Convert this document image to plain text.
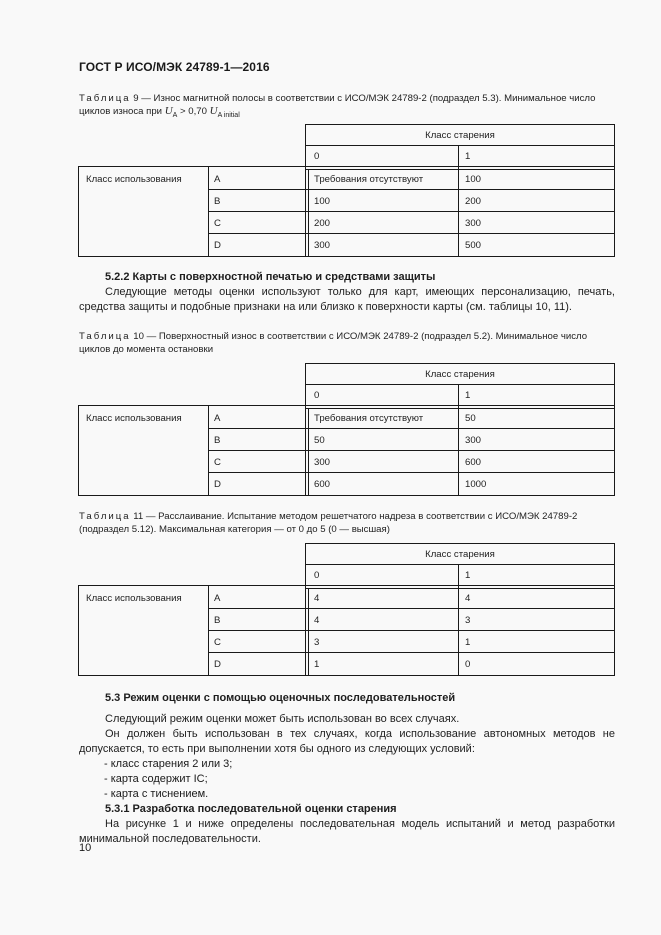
ГОСТ Р ИСО/МЭК 24789-1—2016
Таблица 9 — Износ магнитной полосы в соответствии с ИСО/МЭК 24789-2 (подраздел 5.3). Минимальное число
циклов износа при $U_A > 0,70$ $U_{A initial}$
Класс старения
0	1
Класс использования	A	Требования отсутствуют	100
B	100	200
C	200	300
D	300	500
5.2.2 Карты с поверхностной печатью и средствами защиты
Следующие методы оценки используют только для карт, имеющих персонализацию, печать, средства защиты и подобные признаки на или близко к поверхности карты (см. таблицы 10, 11).
Таблица 10 — Поверхностный износ в соответствии с ИСО/МЭК 24789-2 (подраздел 5.2). Минимальное число
циклов до момента остановки
Класс старения
0	1
Класс использования	A	Требования отсутствуют	50
B	50	300
C	300	600
D	600	1000
Таблица 11 — Расслаивание. Испытание методом решетчатого надреза в соответствии с ИСО/МЭК 24789-2
(подраздел 5.12). Максимальная категория — от 0 до 5 (0 — высшая)
Класс старения
0	1
Класс использования	A	4	4
B	4	3
C	3	1
D	1	0
5.3 Режим оценки с помощью оценочных последовательностей
Следующий режим оценки может быть использован во всех случаях.
Он должен быть использован в тех случаях, когда использование автономных методов не допускается, то есть при выполнении хотя бы одного из следующих условий:
- класс старения 2 или 3;
- карта содержит IC;
- карта с тиснением.
5.3.1 Разработка последовательной оценки старения
На рисунке 1 и ниже определены последовательная модель испытаний и метод разработки минимальной последовательности.
10
